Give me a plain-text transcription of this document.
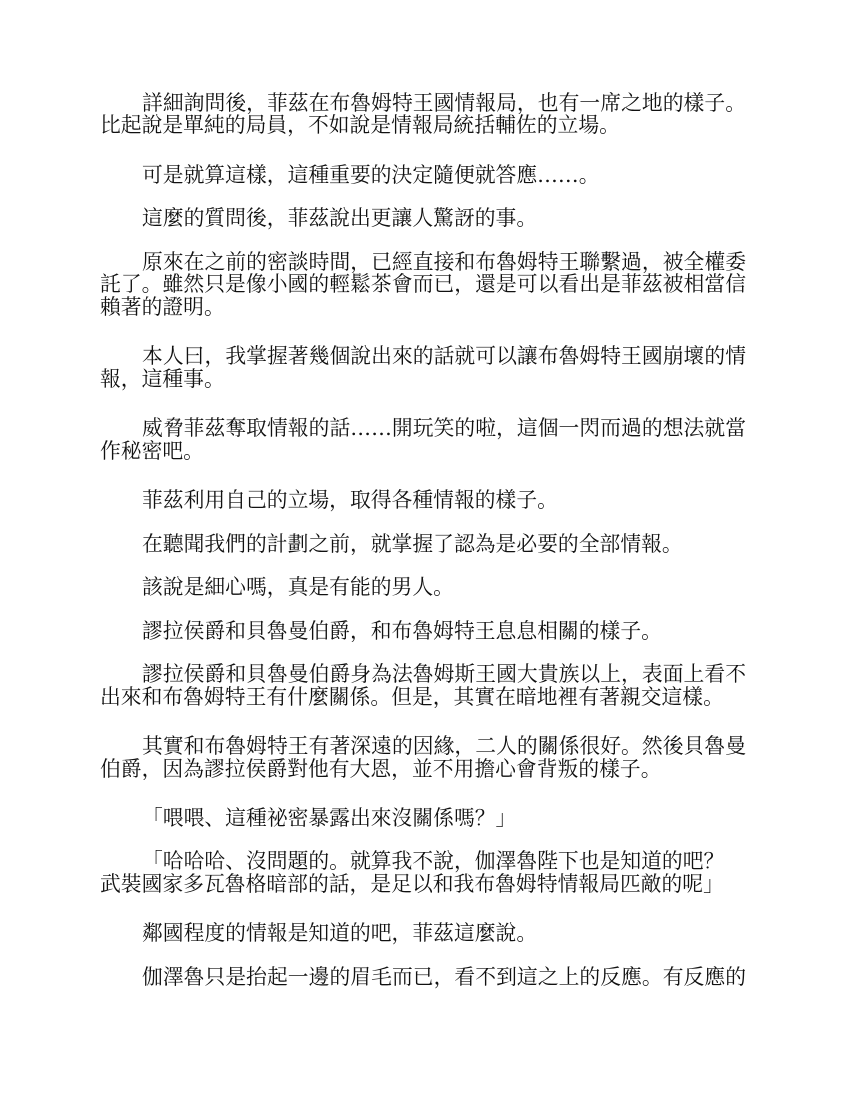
詳細詢問後，菲茲在布魯姆特王國情報局，也有一席之地的樣子。
比起說是單純的局員，不如說是情報局統括輔佐的立場。
可是就算這樣，這種重要的決定隨便就答應……。
這麼的質問後，菲茲說出更讓人驚訝的事。
原來在之前的密談時間，已經直接和布魯姆特王聯繫過，被全權委
託了。雖然只是像小國的輕鬆茶會而已，還是可以看出是菲茲被相當信
賴著的證明。
本人曰，我掌握著幾個說出來的話就可以讓布魯姆特王國崩壞的情
報，這種事。
威脅菲茲奪取情報的話……開玩笑的啦，這個一閃而過的想法就當
作秘密吧。
菲茲利用自己的立場，取得各種情報的樣子。
在聽聞我們的計劃之前，就掌握了認為是必要的全部情報。
該說是細心嗎，真是有能的男人。
謬拉侯爵和貝魯曼伯爵，和布魯姆特王息息相關的樣子。
謬拉侯爵和貝魯曼伯爵身為法魯姆斯王國大貴族以上，表面上看不
出來和布魯姆特王有什麼關係。但是，其實在暗地裡有著親交這樣。
其實和布魯姆特王有著深遠的因緣，二人的關係很好。然後貝魯曼
伯爵，因為謬拉侯爵對他有大恩，並不用擔心會背叛的樣子。
「喂喂、這種祕密暴露出來沒關係嗎？」
「哈哈哈、沒問題的。就算我不說，伽澤魯陛下也是知道的吧？
武裝國家多瓦魯格暗部的話，是足以和我布魯姆特情報局匹敵的呢」
鄰國程度的情報是知道的吧，菲茲這麼說。
伽澤魯只是抬起一邊的眉毛而已，看不到這之上的反應。有反應的
